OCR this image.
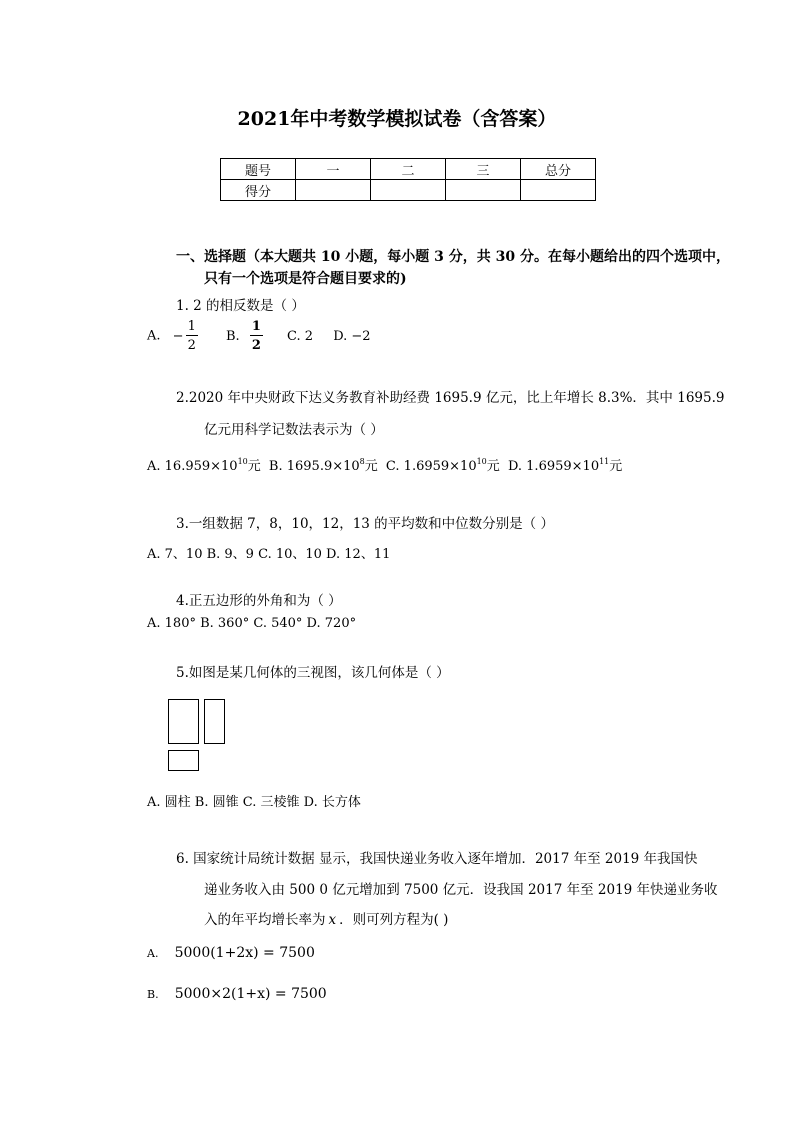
2021年中考数学模拟试卷（含答案）
题号	一	二	三	总分
得分				
一、选择题（本大题共 10 小题，每小题 3 分，共 30 分。在每小题给出的四个选项中，
只有一个选项是符合题目要求的)
1. 2 的相反数是（ ）
A. − $\frac{1}{2} B$. $\frac{1}{2} C$. 2 D. −2
2.2020 年中央财政下达义务教育补助经费 1695.9 亿元，比上年增长 8.3%．其中 1695.9
亿元用科学记数法表示为（ ）
A. $16.959\times 10^{10}$元 B. $1695.9\times 10^8$元 C. $1.6959\times 10^{10}$元 D. $1.6959\times 10^{11}$元
3.一组数据 7，8，10，12，13 的平均数和中位数分别是（ ）
A. 7、10 B. 9、9 C. 10、10 D. 12、11
4.正五边形的外角和为（ ）
A. 180° B. 360° C. 540° D. 720°
5.如图是某几何体的三视图，该几何体是（ ）
A. 圆柱 B. 圆锥 C. 三棱锥 D. 长方体
6. 国家统计局统计数据 显示，我国快递业务收入逐年增加．2017 年至 2019 年我国快
递业务收入由 500 0 亿元增加到 7500 亿元．设我国 2017 年至 2019 年快递业务收
入的年平均增长率为 x ．则可列方程为( )
A. 5000(1+2x) = 7500
B. 5000×2(1+x) = 7500
